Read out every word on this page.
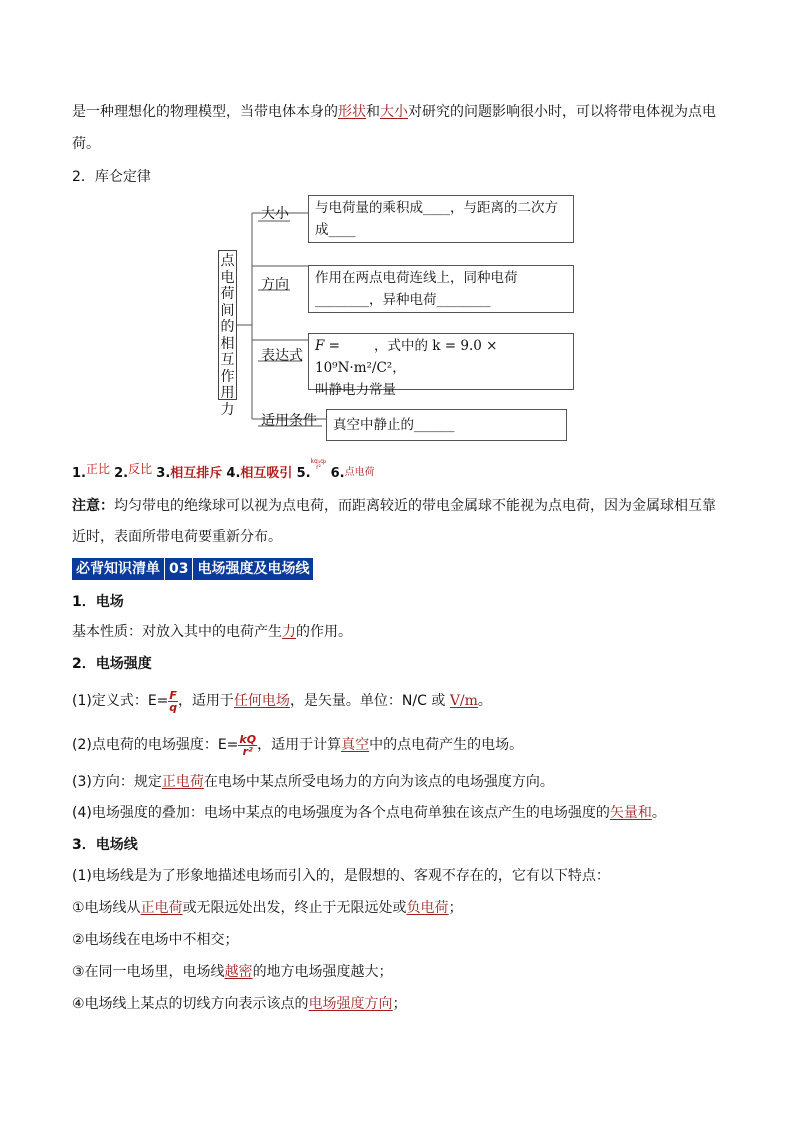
是一种理想化的物理模型，当带电体本身的形状和大小对研究的问题影响很小时，可以将带电体视为点电
荷。
2．库仑定律
点电荷间的相互作用力
大小	与电荷量的乘积成____，与距离的二次方成____
方向	作用在两点电荷连线上，同种电荷________，异种电荷________
表达式
F =	，式中的 k = 9.0 × 10⁹N·m²/C²，
叫静电力常量
适用条件	真空中静止的______
1.正比 2.反比 3.相互排斥 4.相互吸引 5.kq₁q₂
r² 6.点电荷
注意：均匀带电的绝缘球可以视为点电荷，而距离较近的带电金属球不能视为点电荷，因为金属球相互靠
近时，表面所带电荷要重新分布。
必背知识清单 03 电场强度及电场线
1．电场
基本性质：对放入其中的电荷产生力的作用。
2．电场强度
(1)定义式：$E= \frac{F}{q}$ ，适用于任何电场，是矢量。单位：N/C 或 V/m。
(2)点电荷的电场强度：$E= \frac{kQ}{\text{r²}}$ ，适用于计算真空中的点电荷产生的电场。
(3)方向：规定正电荷在电场中某点所受电场力的方向为该点的电场强度方向。
(4)电场强度的叠加：电场中某点的电场强度为各个点电荷单独在该点产生的电场强度的矢量和。
3．电场线
(1)电场线是为了形象地描述电场而引入的，是假想的、客观不存在的，它有以下特点：
①电场线从正电荷或无限远处出发，终止于无限远处或负电荷；
②电场线在电场中不相交；
③在同一电场里，电场线越密的地方电场强度越大；
④电场线上某点的切线方向表示该点的电场强度方向；
